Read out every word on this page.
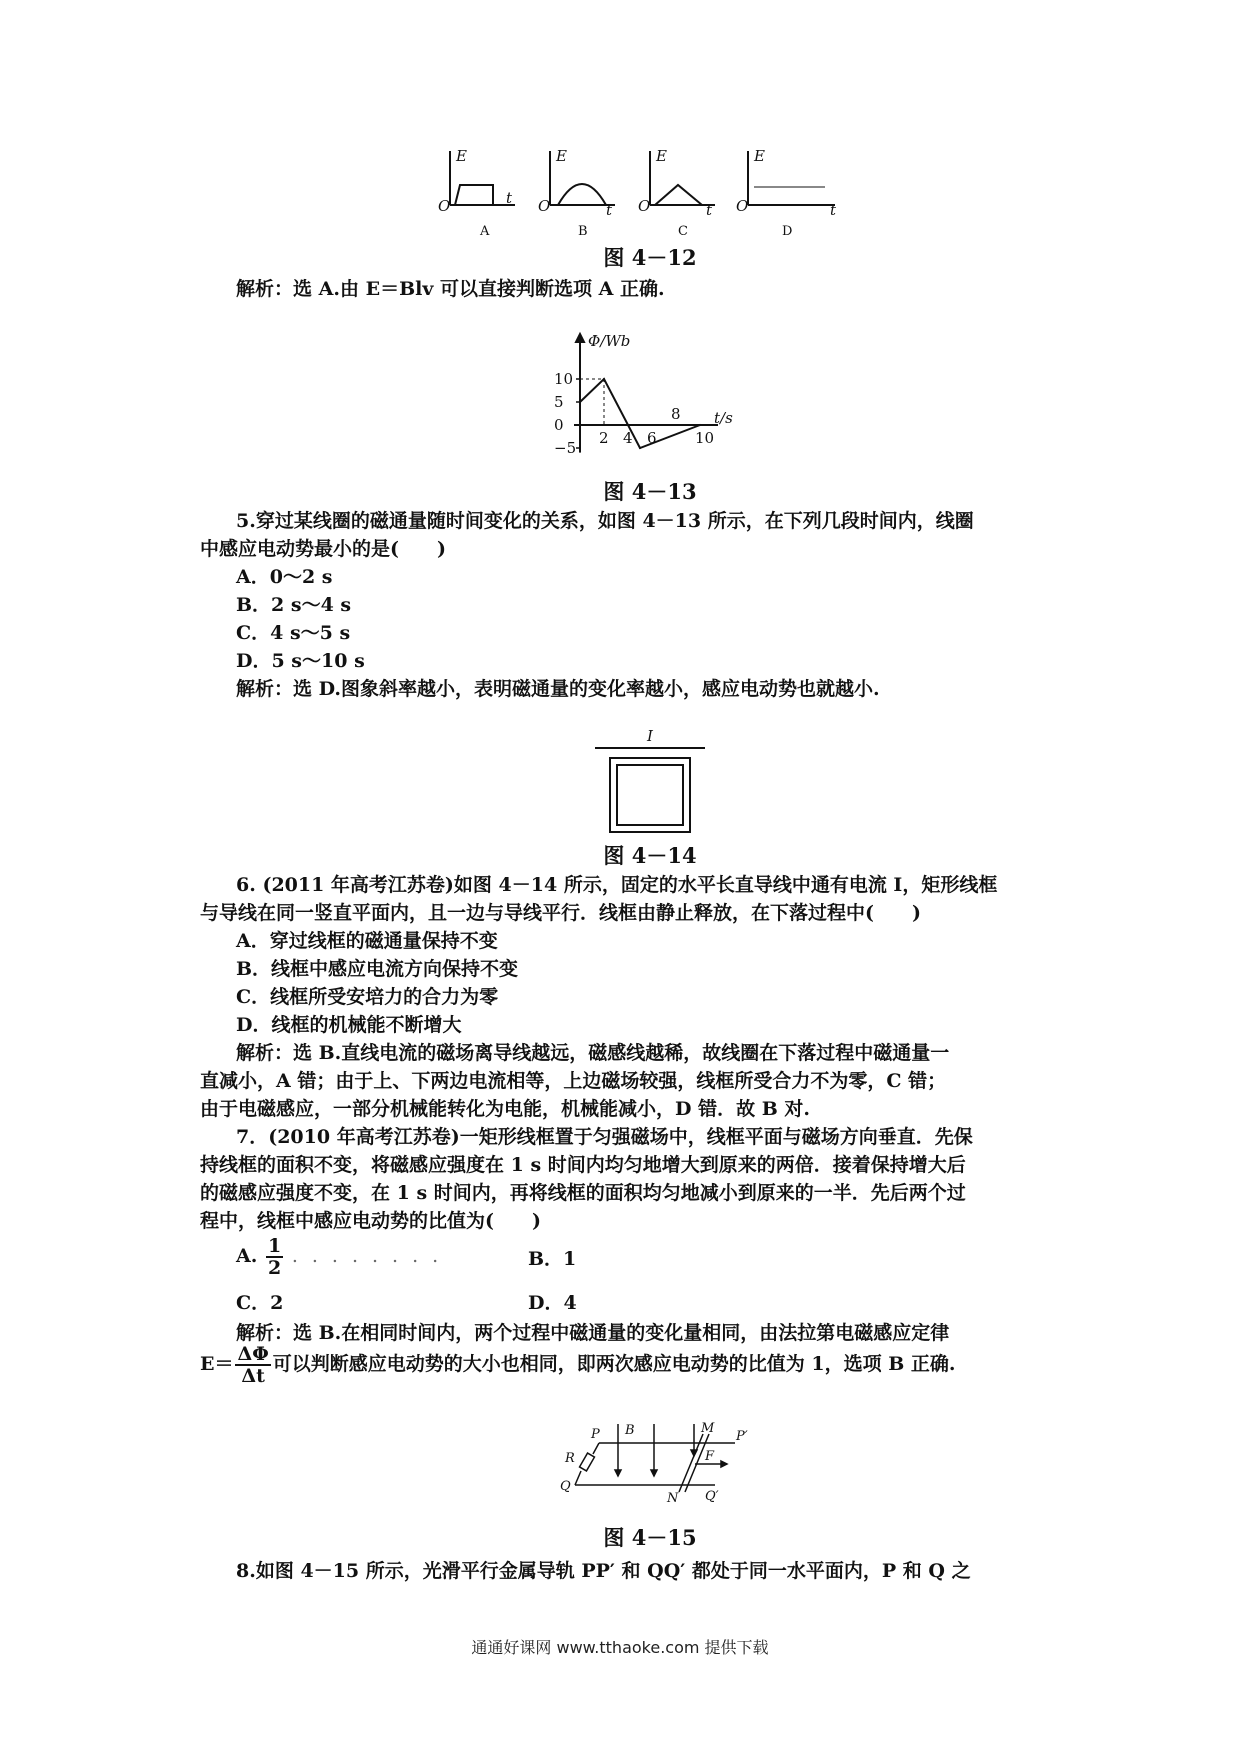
E	E	E	E
O	O	O	O
t
t	t	t
A	B	C	D
图 4－12
解析：选 A.由 E＝Blv 可以直接判断选项 A 正确.
10
5
0
−5
2 4 6
8
10
Φ/Wb
t/s
图 4－13
5.穿过某线圈的磁通量随时间变化的关系，如图 4－13 所示，在下列几段时间内，线圈
中感应电动势最小的是(　　)
A．0～2 s
B．2 s～4 s
C．4 s～5 s
D．5 s～10 s
解析：选 D.图象斜率越小，表明磁通量的变化率越小，感应电动势也就越小.
I
图 4－14
6. (2011 年高考江苏卷)如图 4－14 所示，固定的水平长直导线中通有电流 I，矩形线框
与导线在同一竖直平面内，且一边与导线平行．线框由静止释放，在下落过程中(　　)
A．穿过线框的磁通量保持不变
B．线框中感应电流方向保持不变
C．线框所受安培力的合力为零
D．线框的机械能不断增大
解析：选 B.直线电流的磁场离导线越远，磁感线越稀，故线圈在下落过程中磁通量一
直减小，A 错；由于上、下两边电流相等，上边磁场较强，线框所受合力不为零，C 错；
由于电磁感应，一部分机械能转化为电能，机械能减小，D 错．故 B 对.
7．(2010 年高考江苏卷)一矩形线框置于匀强磁场中，线框平面与磁场方向垂直．先保
持线框的面积不变，将磁感应强度在 1 s 时间内均匀地增大到原来的两倍．接着保持增大后
的磁感应强度不变，在 1 s 时间内，再将线框的面积均匀地减小到原来的一半．先后两个过
程中，线框中感应电动势的比值为(　　)
A. $\frac{1}{2}$ ........	B．1
C．2	D．4
解析：选 B.在相同时间内，两个过程中磁通量的变化量相同，由法拉第电磁感应定律
$E= \frac{\Delta\Phi}{\Delta t}$ 可以判断感应电动势的大小也相同，即两次感应电动势的比值为 1，选项 B 正确.
P B	M
P′
R	F
Q
N Q′
图 4－15
8.如图 4－15 所示，光滑平行金属导轨 PP′ 和 QQ′ 都处于同一水平面内，P 和 Q 之
通通好课网 www.tthaoke.com 提供下载
